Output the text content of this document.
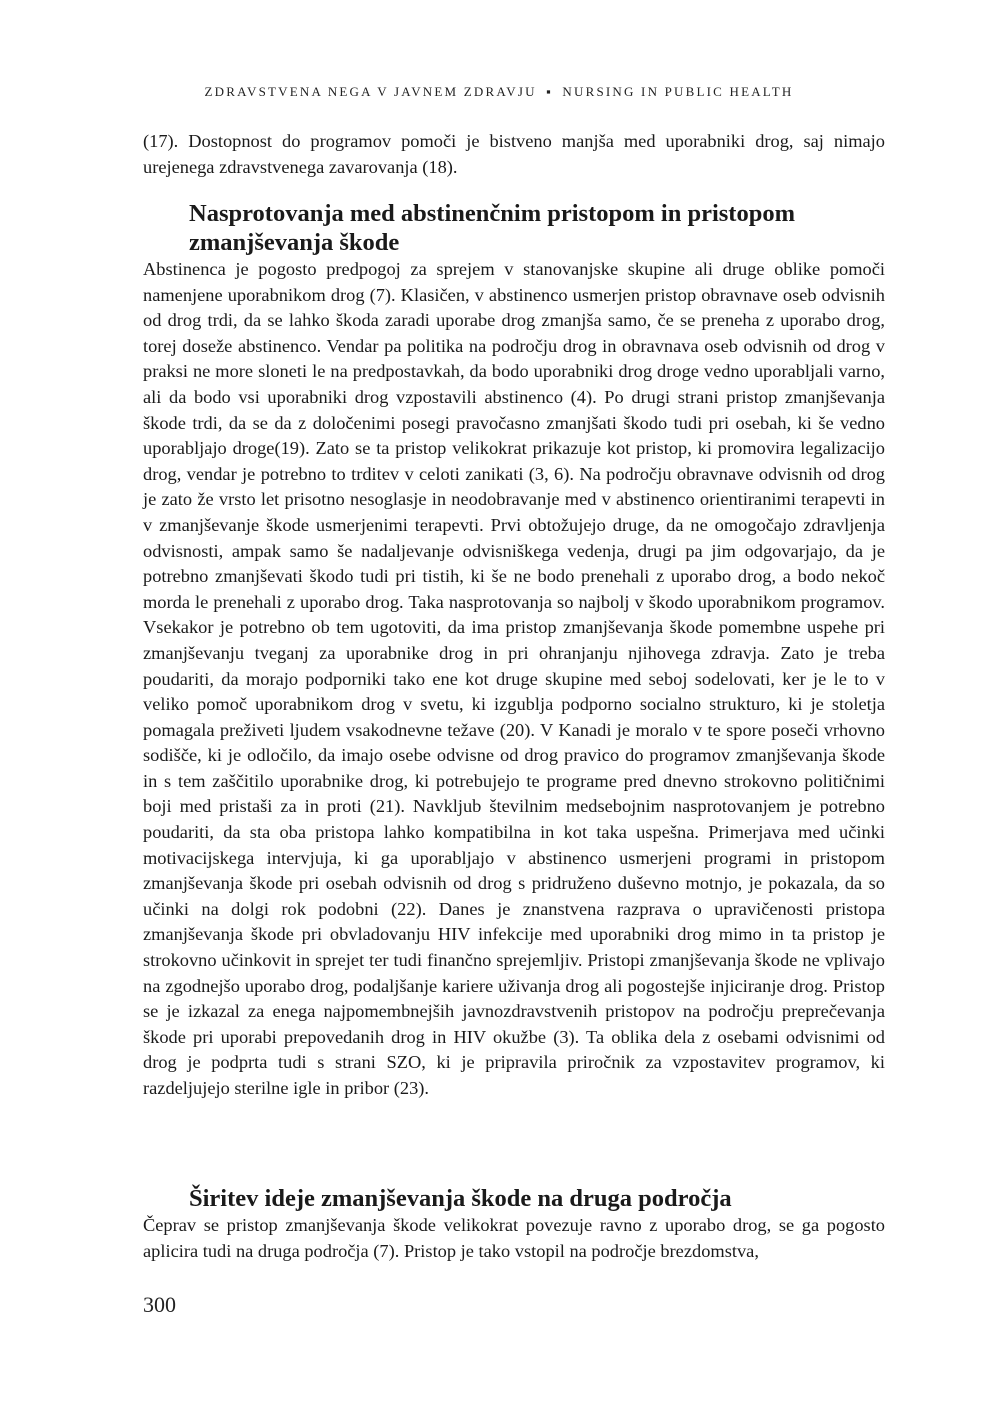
ZDRAVSTVENA NEGA V JAVNEM ZDRAVJU ▪ NURSING IN PUBLIC HEALTH

(17). Dostopnost do programov pomoči je bistveno manjša med uporabniki drog, saj nimajo urejenega zdravstvenega zavarovanja (18).

Nasprotovanja med abstinenčnim pristopom in pristopom zmanjševanja škode

Abstinenca je pogosto predpogoj za sprejem v stanovanjske skupine ali druge oblike pomoči namenjene uporabnikom drog (7). Klasičen, v abstinenco usmerjen pristop obravnave oseb odvisnih od drog trdi, da se lahko škoda zaradi uporabe drog zmanjša samo, če se preneha z uporabo drog, torej doseže abstinenco. Vendar pa politika na področju drog in obravnava oseb odvisnih od drog v praksi ne more sloneti le na predpostavkah, da bodo uporabniki drog droge vedno uporabljali varno, ali da bodo vsi uporabniki drog vzpostavili abstinenco (4). Po drugi strani pristop zmanjševanja škode trdi, da se da z določenimi posegi pravočasno zmanjšati škodo tudi pri osebah, ki še vedno uporabljajo droge(19). Zato se ta pristop velikokrat prikazuje kot pristop, ki promovira legalizacijo drog, vendar je potrebno to trditev v celoti zanikati (3, 6). Na področju obravnave odvisnih od drog je zato že vrsto let prisotno nesoglasje in neodobravanje med v abstinenco orientiranimi terapevti in v zmanjševanje škode usmerjenimi terapevti. Prvi obtožujejo druge, da ne omogočajo zdravljenja odvisnosti, ampak samo še nadaljevanje odvisniškega vedenja, drugi pa jim odgovarjajo, da je potrebno zmanjševati škodo tudi pri tistih, ki še ne bodo prenehali z uporabo drog, a bodo nekoč morda le prenehali z uporabo drog. Taka nasprotovanja so najbolj v škodo uporabnikom programov. Vsekakor je potrebno ob tem ugotoviti, da ima pristop zmanjševanja škode pomembne uspehe pri zmanjševanju tveganj za uporabnike drog in pri ohranjanju njihovega zdravja. Zato je treba poudariti, da morajo podporniki tako ene kot druge skupine med seboj sodelovati, ker je le to v veliko pomoč uporabnikom drog v svetu, ki izgublja podporno socialno strukturo, ki je stoletja pomagala preživeti ljudem vsakodnevne težave (20). V Kanadi je moralo v te spore poseči vrhovno sodišče, ki je odločilo, da imajo osebe odvisne od drog pravico do programov zmanjševanja škode in s tem zaščitilo uporabnike drog, ki potrebujejo te programe pred dnevno strokovno političnimi boji med pristaši za in proti (21). Navkljub številnim medsebojnim nasprotovanjem je potrebno poudariti, da sta oba pristopa lahko kompatibilna in kot taka uspešna. Primerjava med učinki motivacijskega intervjuja, ki ga uporabljajo v abstinenco usmerjeni programi in pristopom zmanjševanja škode pri osebah odvisnih od drog s pridruženo duševno motnjo, je pokazala, da so učinki na dolgi rok podobni (22). Danes je znanstvena razprava o upravičenosti pristopa zmanjševanja škode pri obvladovanju HIV infekcije med uporabniki drog mimo in ta pristop je strokovno učinkovit in sprejet ter tudi finančno sprejemljiv. Pristopi zmanjševanja škode ne vplivajo na zgodnejšo uporabo drog, podaljšanje kariere uživanja drog ali pogostejše injiciranje drog. Pristop se je izkazal za enega najpomembnejših javnozdravstvenih pristopov na področju preprečevanja škode pri uporabi prepovedanih drog in HIV okužbe (3). Ta oblika dela z osebami odvisnimi od drog je podprta tudi s strani SZO, ki je pripravila priročnik za vzpostavitev programov, ki razdeljujejo sterilne igle in pribor (23).

Širitev ideje zmanjševanja škode na druga področja

Čeprav se pristop zmanjševanja škode velikokrat povezuje ravno z uporabo drog, se ga pogosto aplicira tudi na druga področja (7). Pristop je tako vstopil na področje brezdomstva,

300
